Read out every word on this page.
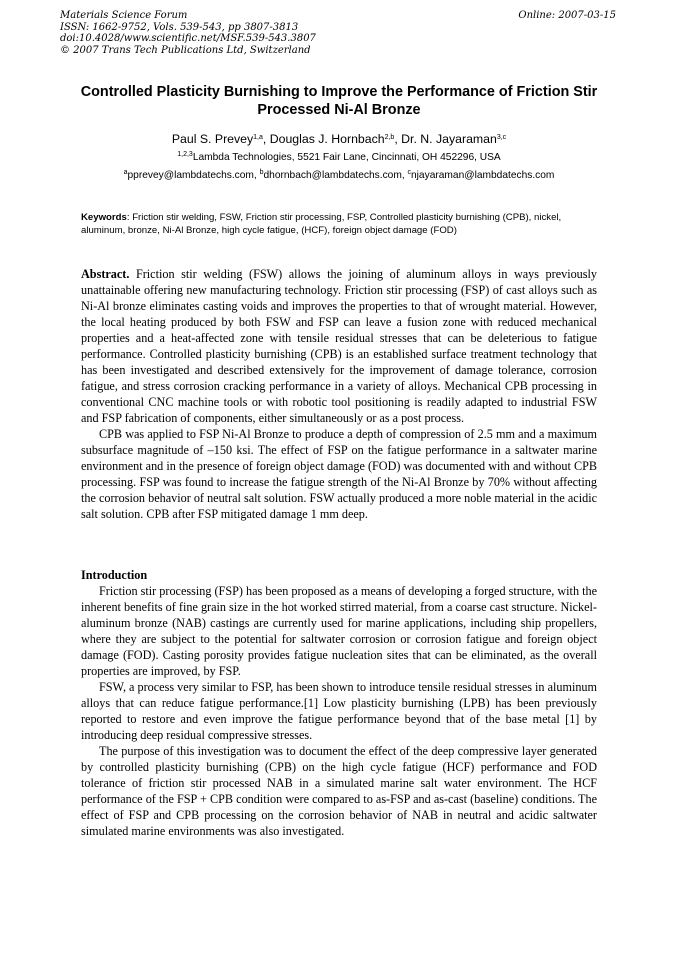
Materials Science Forum
ISSN: 1662-9752, Vols. 539-543, pp 3807-3813
doi:10.4028/www.scientific.net/MSF.539-543.3807
© 2007 Trans Tech Publications Ltd, Switzerland
Online: 2007-03-15
Controlled Plasticity Burnishing to Improve the Performance of Friction Stir Processed Ni-Al Bronze
Paul S. Prevey$^{1,a}$, Douglas J. Hornbach$^{2,b}$, Dr. N. Jayaraman$^{3,c}$
$^{1,2,3}$Lambda Technologies, 5521 Fair Lane, Cincinnati, OH 452296, USA
$^a$pprevey@lambdatechs.com, $^b$dhornbach@lambdatechs.com, $^c$njayaraman@lambdatechs.com
Keywords: Friction stir welding, FSW, Friction stir processing, FSP, Controlled plasticity burnishing (CPB), nickel, aluminum, bronze, Ni-Al Bronze, high cycle fatigue, (HCF), foreign object damage (FOD)

Abstract. Friction stir welding (FSW) allows the joining of aluminum alloys in ways previously unattainable offering new manufacturing technology. Friction stir processing (FSP) of cast alloys such as Ni-Al bronze eliminates casting voids and improves the properties to that of wrought material. However, the local heating produced by both FSW and FSP can leave a fusion zone with reduced mechanical properties and a heat-affected zone with tensile residual stresses that can be deleterious to fatigue performance. Controlled plasticity burnishing (CPB) is an established surface treatment technology that has been investigated and described extensively for the improvement of damage tolerance, corrosion fatigue, and stress corrosion cracking performance in a variety of alloys. Mechanical CPB processing in conventional CNC machine tools or with robotic tool positioning is readily adapted to industrial FSW and FSP fabrication of components, either simultaneously or as a post process.

CPB was applied to FSP Ni-Al Bronze to produce a depth of compression of 2.5 mm and a maximum subsurface magnitude of –150 ksi. The effect of FSP on the fatigue performance in a saltwater marine environment and in the presence of foreign object damage (FOD) was documented with and without CPB processing. FSP was found to increase the fatigue strength of the Ni-Al Bronze by 70% without affecting the corrosion behavior of neutral salt solution. FSW actually produced a more noble material in the acidic salt solution. CPB after FSP mitigated damage 1 mm deep.

Introduction

Friction stir processing (FSP) has been proposed as a means of developing a forged structure, with the inherent benefits of fine grain size in the hot worked stirred material, from a coarse cast structure. Nickel-aluminum bronze (NAB) castings are currently used for marine applications, including ship propellers, where they are subject to the potential for saltwater corrosion or corrosion fatigue and foreign object damage (FOD). Casting porosity provides fatigue nucleation sites that can be eliminated, as the overall properties are improved, by FSP.

FSW, a process very similar to FSP, has been shown to introduce tensile residual stresses in aluminum alloys that can reduce fatigue performance.[1] Low plasticity burnishing (LPB) has been previously reported to restore and even improve the fatigue performance beyond that of the base metal [1] by introducing deep residual compressive stresses.

The purpose of this investigation was to document the effect of the deep compressive layer generated by controlled plasticity burnishing (CPB) on the high cycle fatigue (HCF) performance and FOD tolerance of friction stir processed NAB in a simulated marine salt water environment. The HCF performance of the FSP + CPB condition were compared to as-FSP and as-cast (baseline) conditions. The effect of FSP and CPB processing on the corrosion behavior of NAB in neutral and acidic saltwater simulated marine environments was also investigated.
